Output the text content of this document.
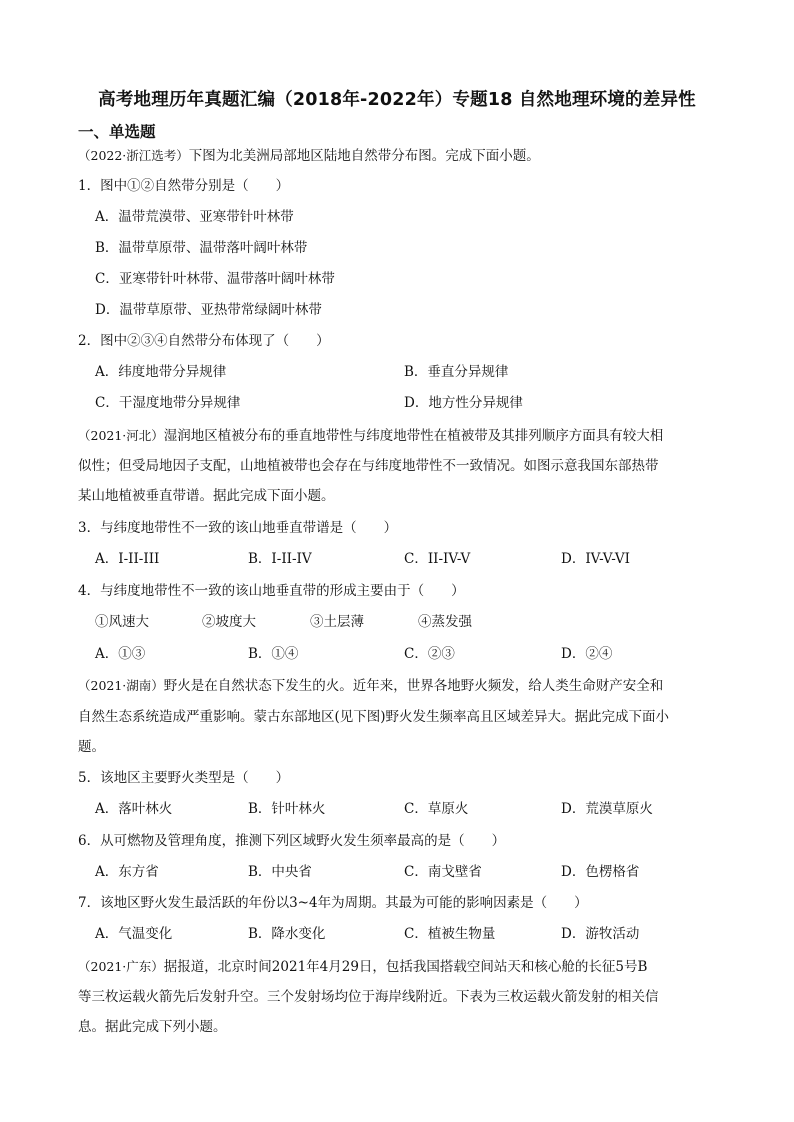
高考地理历年真题汇编（2018年-2022年）专题18 自然地理环境的差异性
一、单选题
（2022·浙江选考）下图为北美洲局部地区陆地自然带分布图。完成下面小题。
1．图中①②自然带分别是（　　）
A．温带荒漠带、亚寒带针叶林带
B．温带草原带、温带落叶阔叶林带
C．亚寒带针叶林带、温带落叶阔叶林带
D．温带草原带、亚热带常绿阔叶林带
2．图中②③④自然带分布体现了（　　）
A．纬度地带分异规律	B．垂直分异规律
C．干湿度地带分异规律	D．地方性分异规律
（2021·河北）湿润地区植被分布的垂直地带性与纬度地带性在植被带及其排列顺序方面具有较大相
似性；但受局地因子支配，山地植被带也会存在与纬度地带性不一致情况。如图示意我国东部热带
某山地植被垂直带谱。据此完成下面小题。
3．与纬度地带性不一致的该山地垂直带谱是（　　）
A．I-II-III	B．I-II-IV	C．II-IV-V	D．IV-V-VI
4．与纬度地带性不一致的该山地垂直带的形成主要由于（　　）
①风速大	②坡度大	③土层薄	④蒸发强
A．①③	B．①④	C．②③	D．②④
（2021·湖南）野火是在自然状态下发生的火。近年来，世界各地野火频发，给人类生命财产安全和
自然生态系统造成严重影响。蒙古东部地区(见下图)野火发生频率高且区域差异大。据此完成下面小
题。
5．该地区主要野火类型是（　　）
A．落叶林火	B．针叶林火	C．草原火	D．荒漠草原火
6．从可燃物及管理角度，推测下列区域野火发生须率最高的是（　　）
A．东方省	B．中央省	C．南戈壁省	D．色楞格省
7．该地区野火发生最活跃的年份以3~4年为周期。其最为可能的影响因素是（　　）
A．气温变化	B．降水变化	C．植被生物量	D．游牧活动
（2021·广东）据报道，北京时间2021年4月29日，包括我国搭载空间站天和核心舱的长征5号B
等三枚运载火箭先后发射升空。三个发射场均位于海岸线附近。下表为三枚运载火箭发射的相关信
息。据此完成下列小题。
